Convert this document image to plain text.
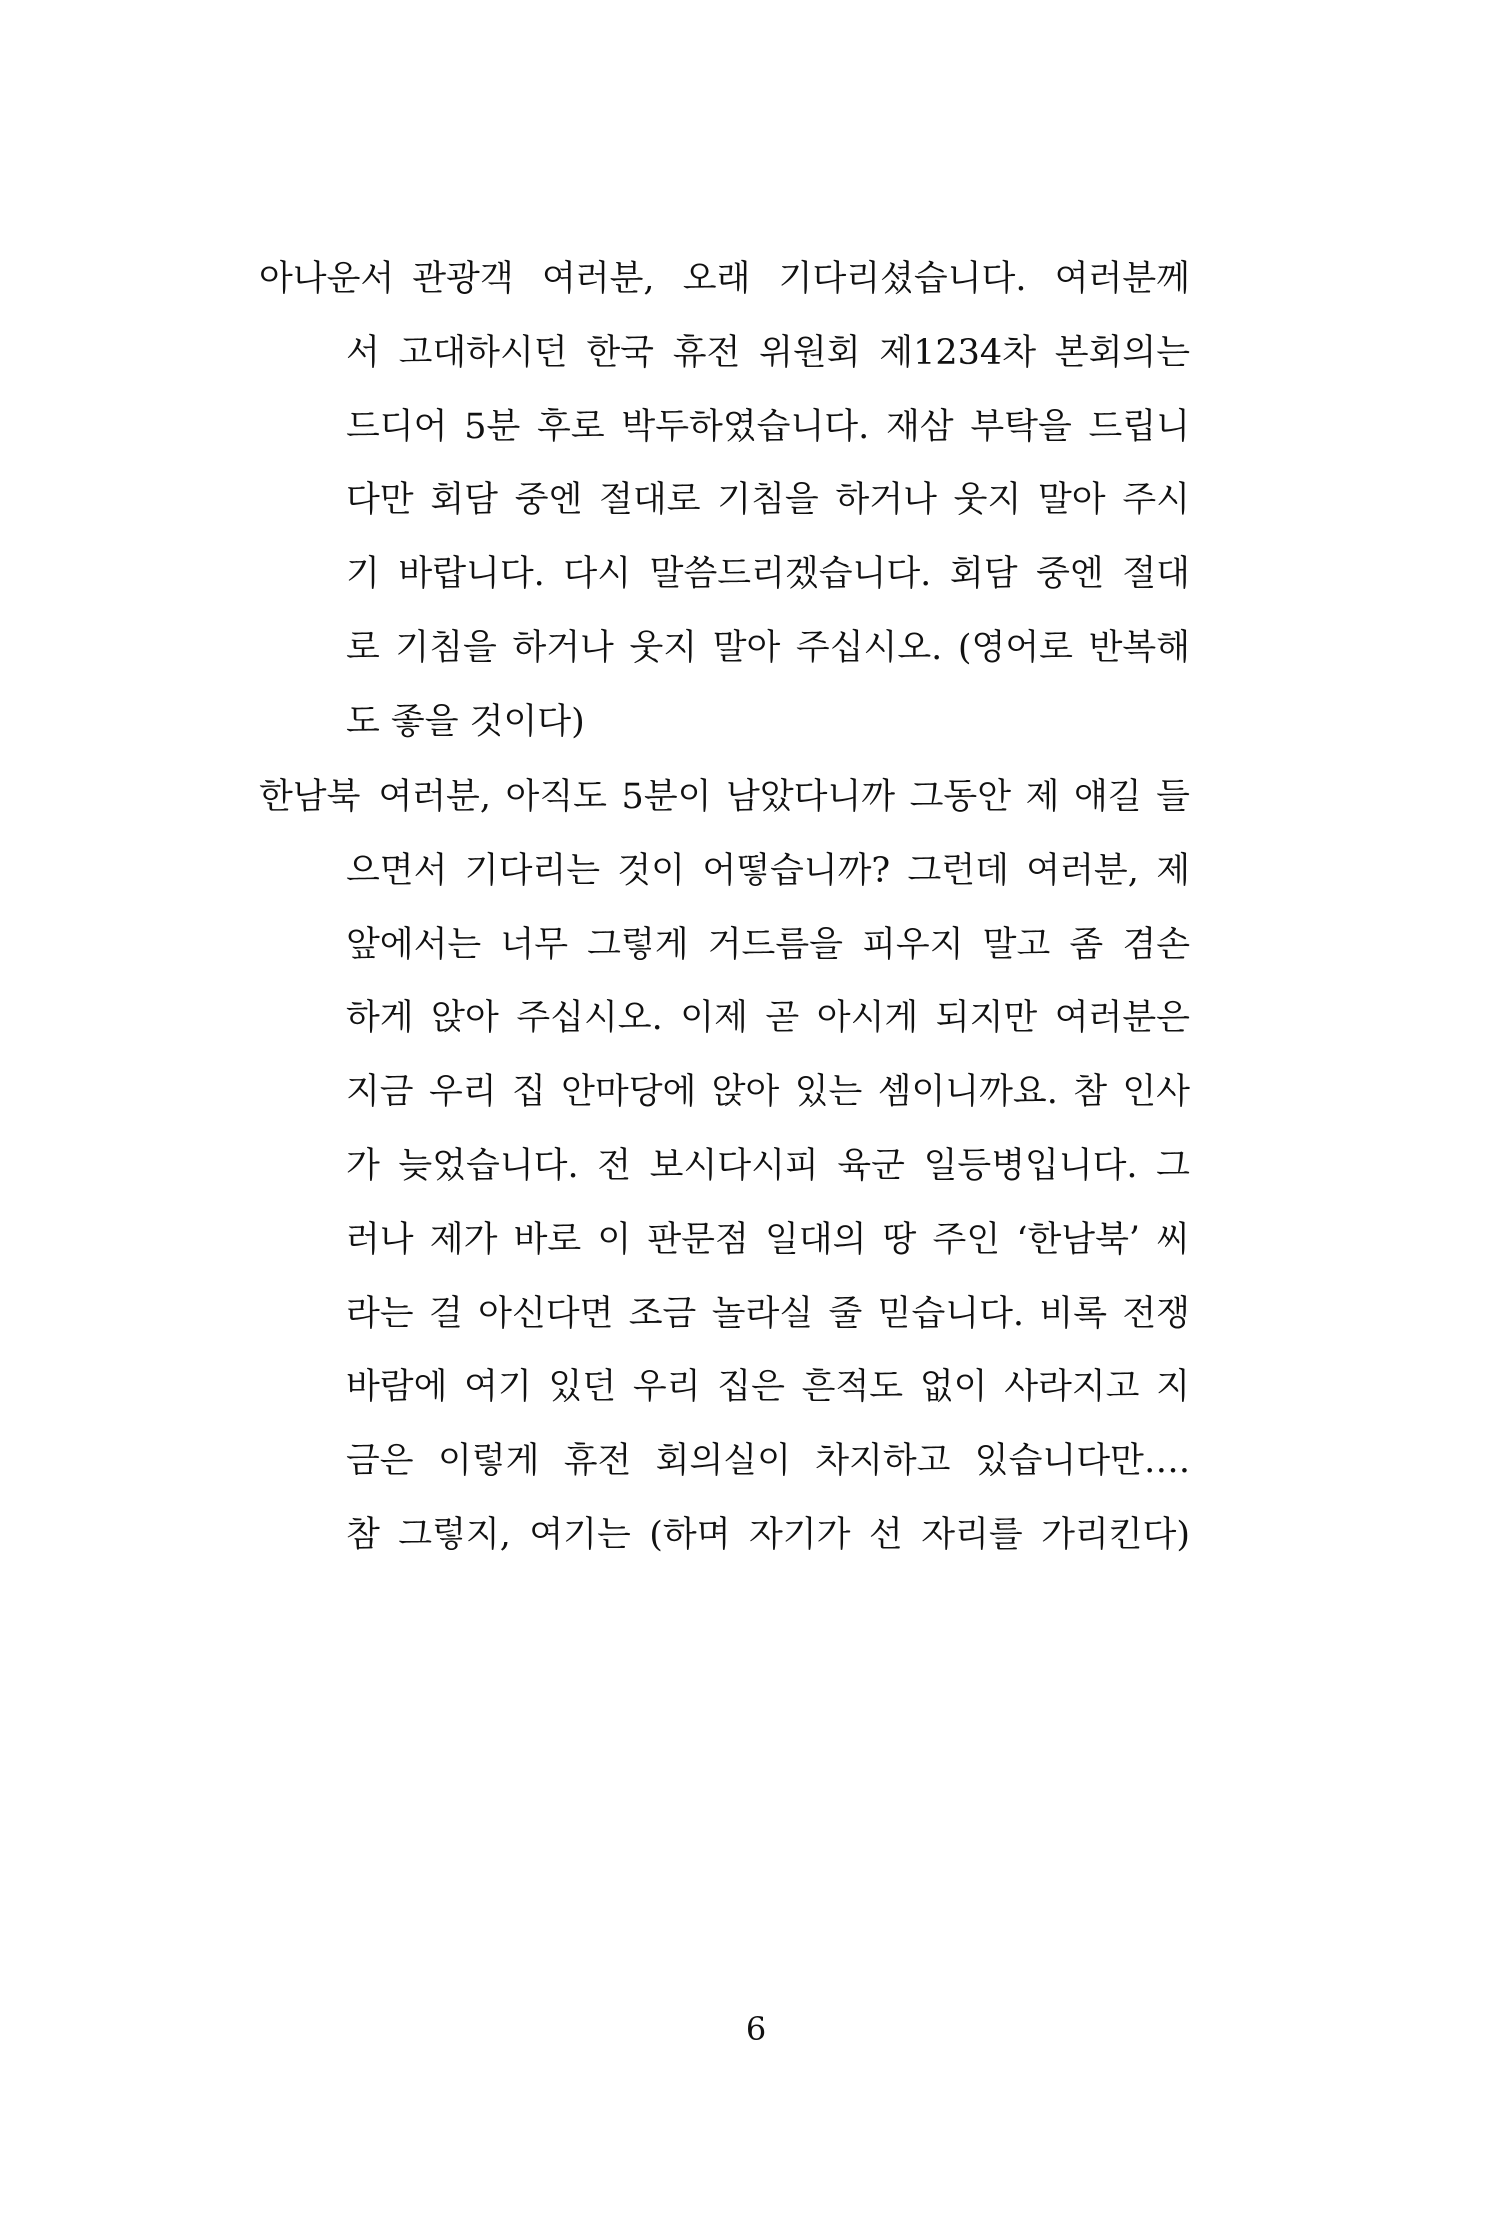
아나운서 관광객 여러분, 오래 기다리셨습니다. 여러분께
서 고대하시던 한국 휴전 위원회 제1234차 본회의는
드디어 5분 후로 박두하였습니다. 재삼 부탁을 드립니
다만 회담 중엔 절대로 기침을 하거나 웃지 말아 주시
기 바랍니다. 다시 말씀드리겠습니다. 회담 중엔 절대
로 기침을 하거나 웃지 말아 주십시오. (영어로 반복해
도 좋을 것이다)
한남북 여러분, 아직도 5분이 남았다니까 그동안 제 얘길 들
으면서 기다리는 것이 어떻습니까? 그런데 여러분, 제
앞에서는 너무 그렇게 거드름을 피우지 말고 좀 겸손
하게 앉아 주십시오. 이제 곧 아시게 되지만 여러분은
지금 우리 집 안마당에 앉아 있는 셈이니까요. 참 인사
가 늦었습니다. 전 보시다시피 육군 일등병입니다. 그
러나 제가 바로 이 판문점 일대의 땅 주인 ‘한남북’ 씨
라는 걸 아신다면 조금 놀라실 줄 믿습니다. 비록 전쟁
바람에 여기 있던 우리 집은 흔적도 없이 사라지고 지
금은 이렇게 휴전 회의실이 차지하고 있습니다만….
참 그렇지, 여기는 (하며 자기가 선 자리를 가리킨다)
6
